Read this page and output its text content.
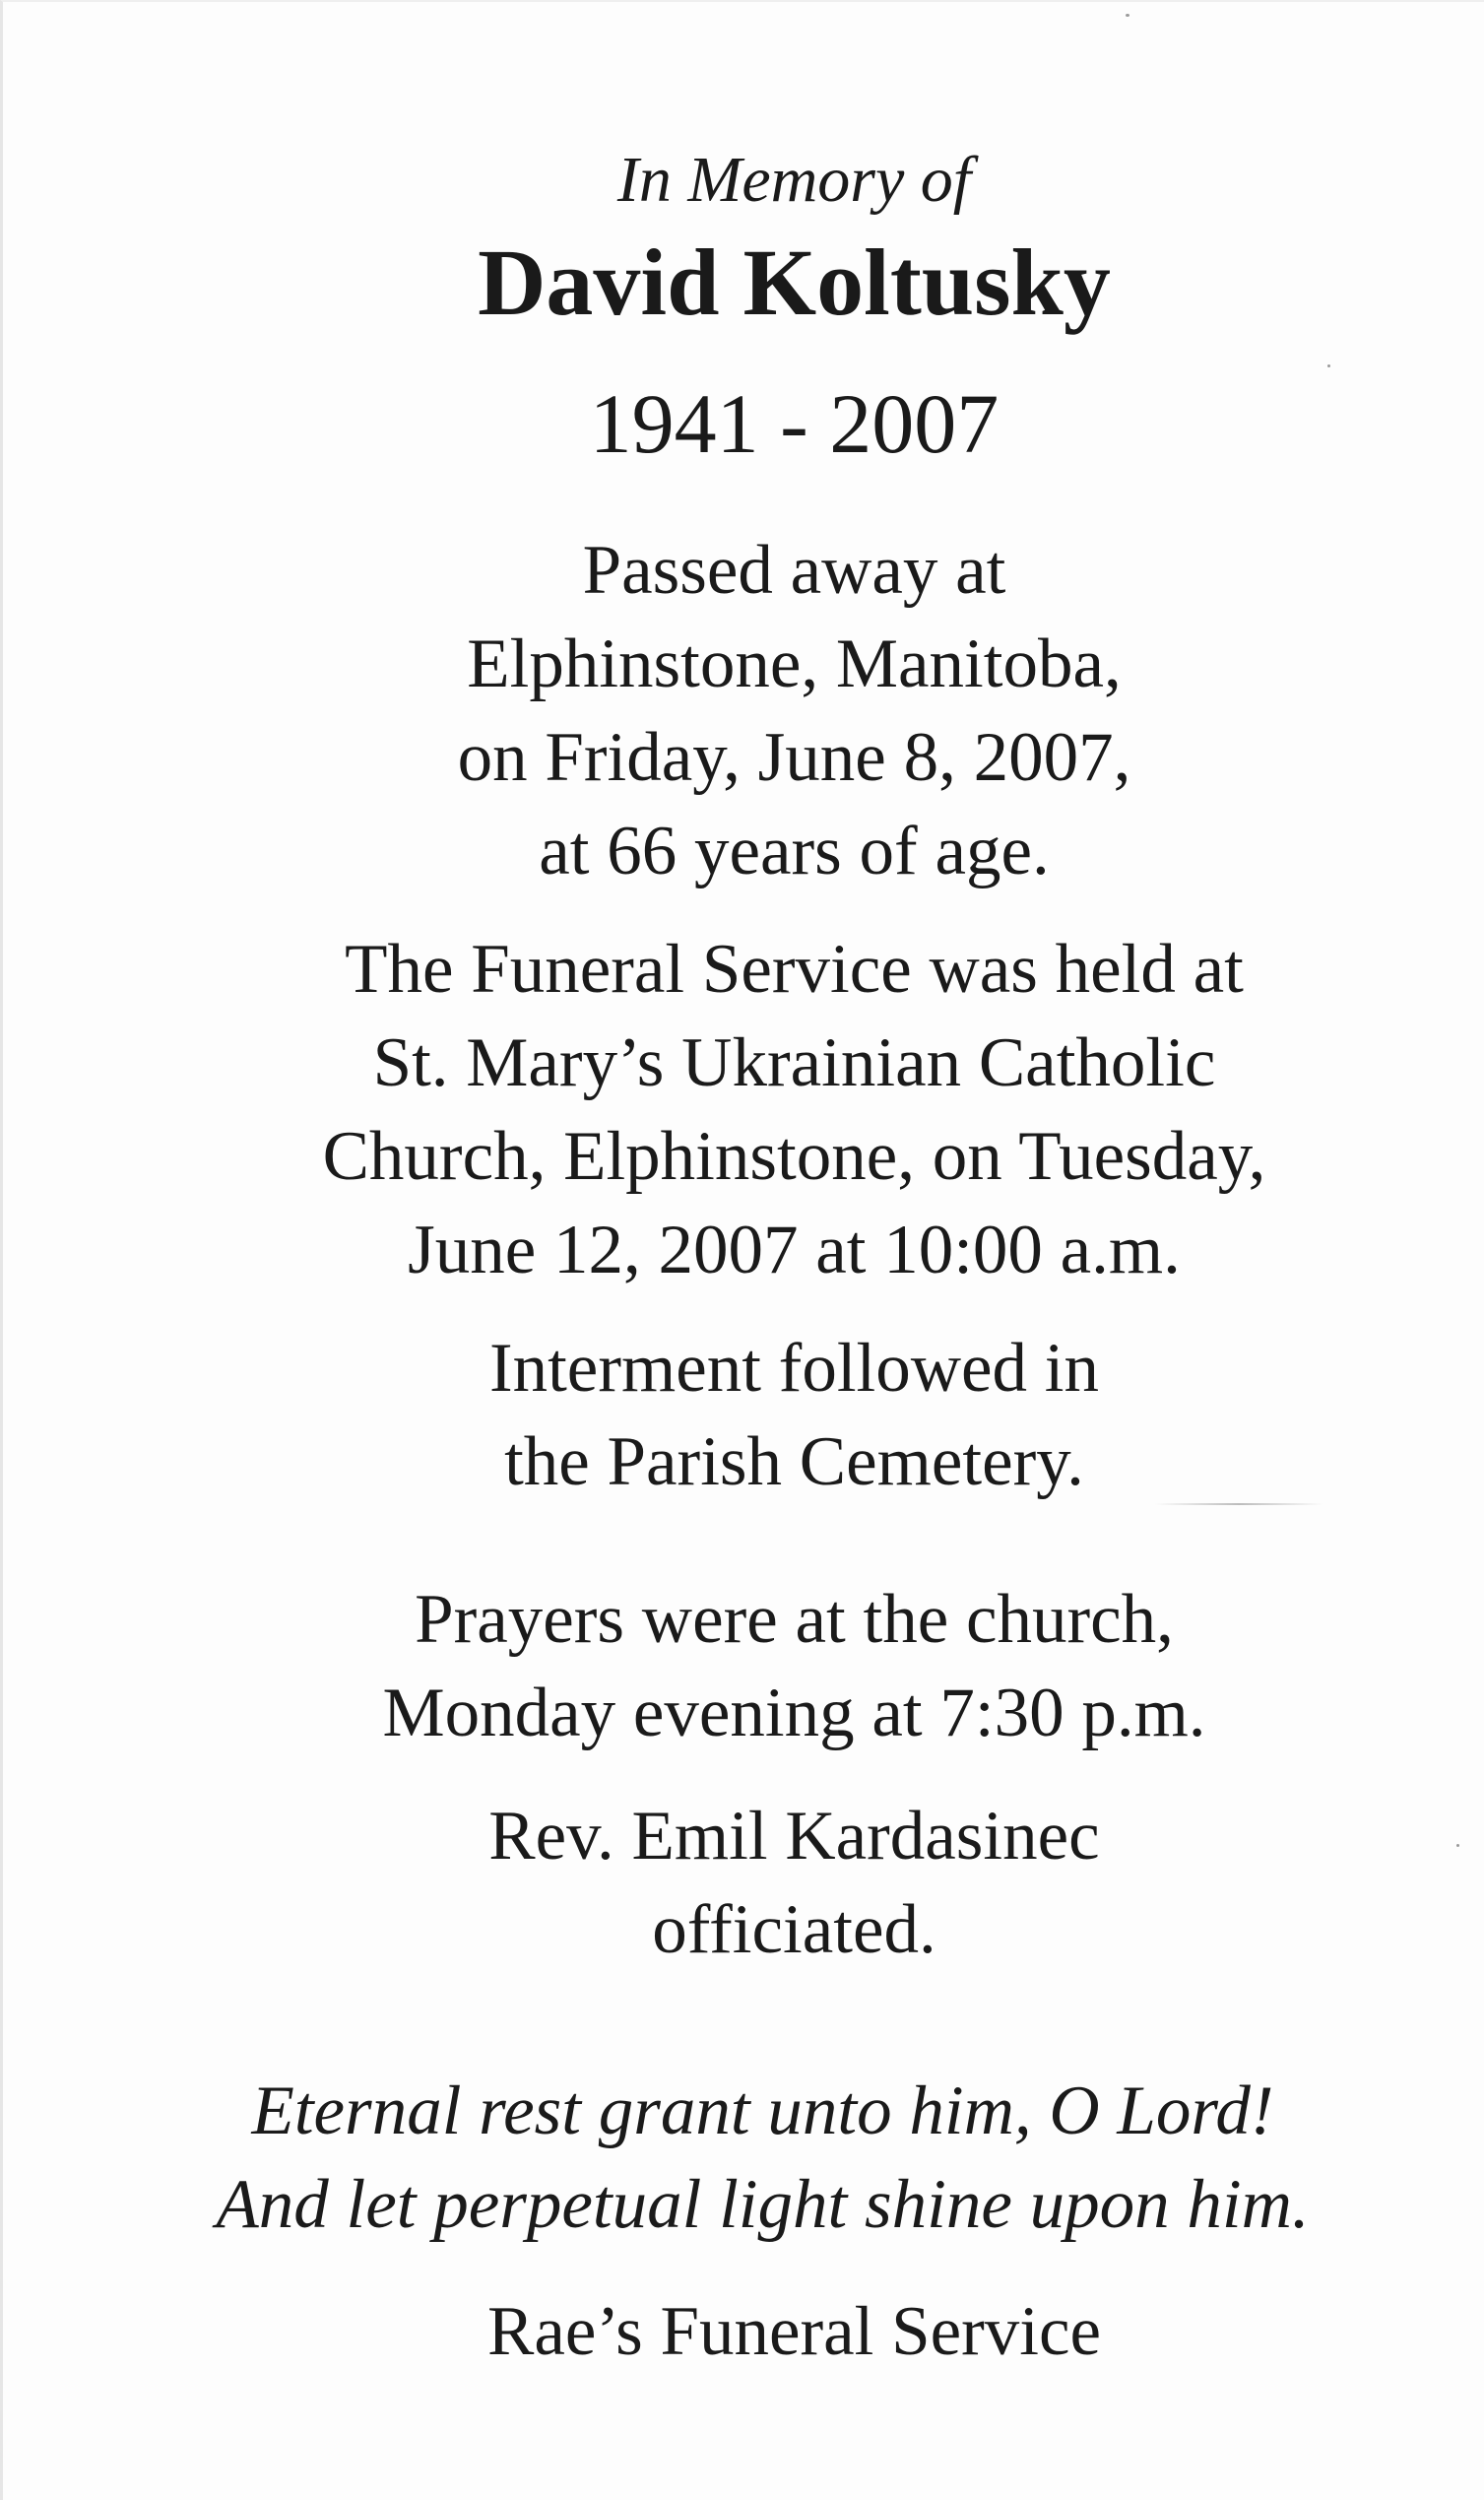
In Memory of
David Koltusky
1941 - 2007
Passed away at
Elphinstone, Manitoba,
on Friday, June 8, 2007,
at 66 years of age.
The Funeral Service was held at
St. Mary’s Ukrainian Catholic
Church, Elphinstone, on Tuesday,
June 12, 2007 at 10:00 a.m.
Interment followed in
the Parish Cemetery.
Prayers were at the church,
Monday evening at 7:30 p.m.
Rev. Emil Kardasinec
officiated.
Eternal rest grant unto him, O Lord!
And let perpetual light shine upon him.
Rae’s Funeral Service
